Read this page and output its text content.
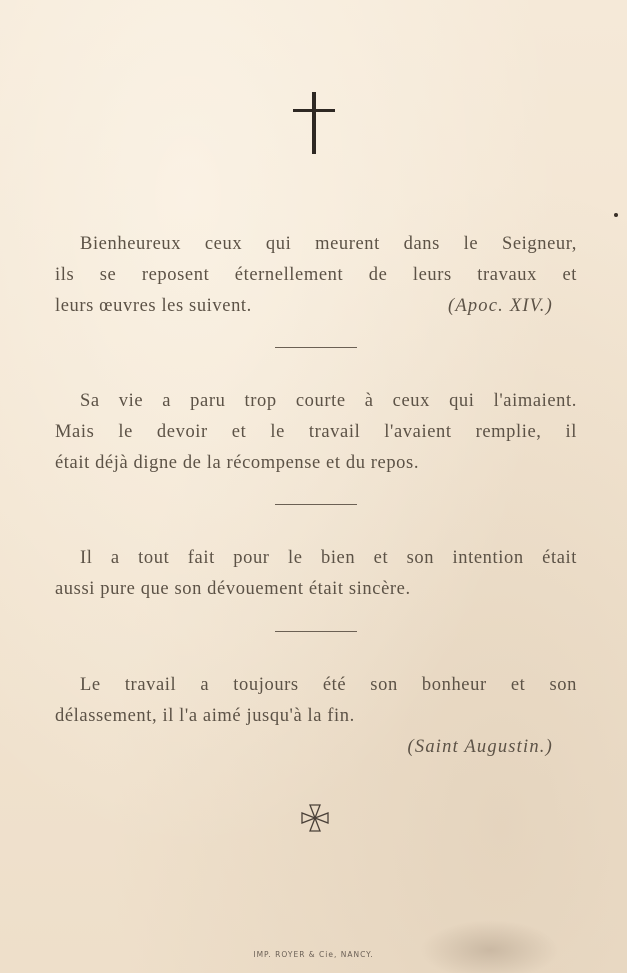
Bienheureux ceux qui meurent dans le Seigneur,
ils se reposent éternellement de leurs travaux et
leurs œuvres les suivent.	(Apoc. XIV.)
Sa vie a paru trop courte à ceux qui l'aimaient.
Mais le devoir et le travail l'avaient remplie, il
était déjà digne de la récompense et du repos.
Il a tout fait pour le bien et son intention était
aussi pure que son dévouement était sincère.
Le travail a toujours été son bonheur et son
délassement, il l'a aimé jusqu'à la fin.
(Saint Augustin.)
IMP. ROYER & Cie, NANCY.
